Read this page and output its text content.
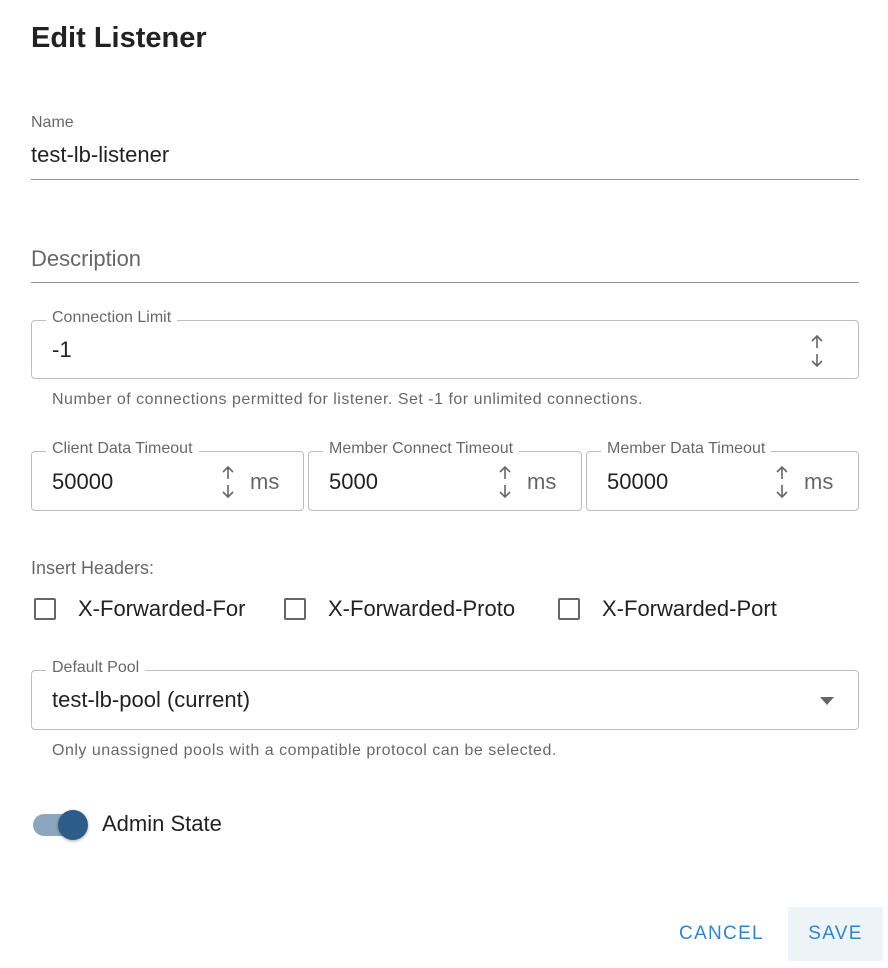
Edit Listener
Name
test-lb-listener
Description
Connection Limit
-1
Number of connections permitted for listener. Set -1 for unlimited connections.
Client Data Timeout
50000	ms
Member Connect Timeout
5000	ms
Member Data Timeout
50000	ms
Insert Headers:
X-Forwarded-For	X-Forwarded-Proto	X-Forwarded-Port
Default Pool
test-lb-pool (current)
Only unassigned pools with a compatible protocol can be selected.
Admin State
CANCEL	SAVE
